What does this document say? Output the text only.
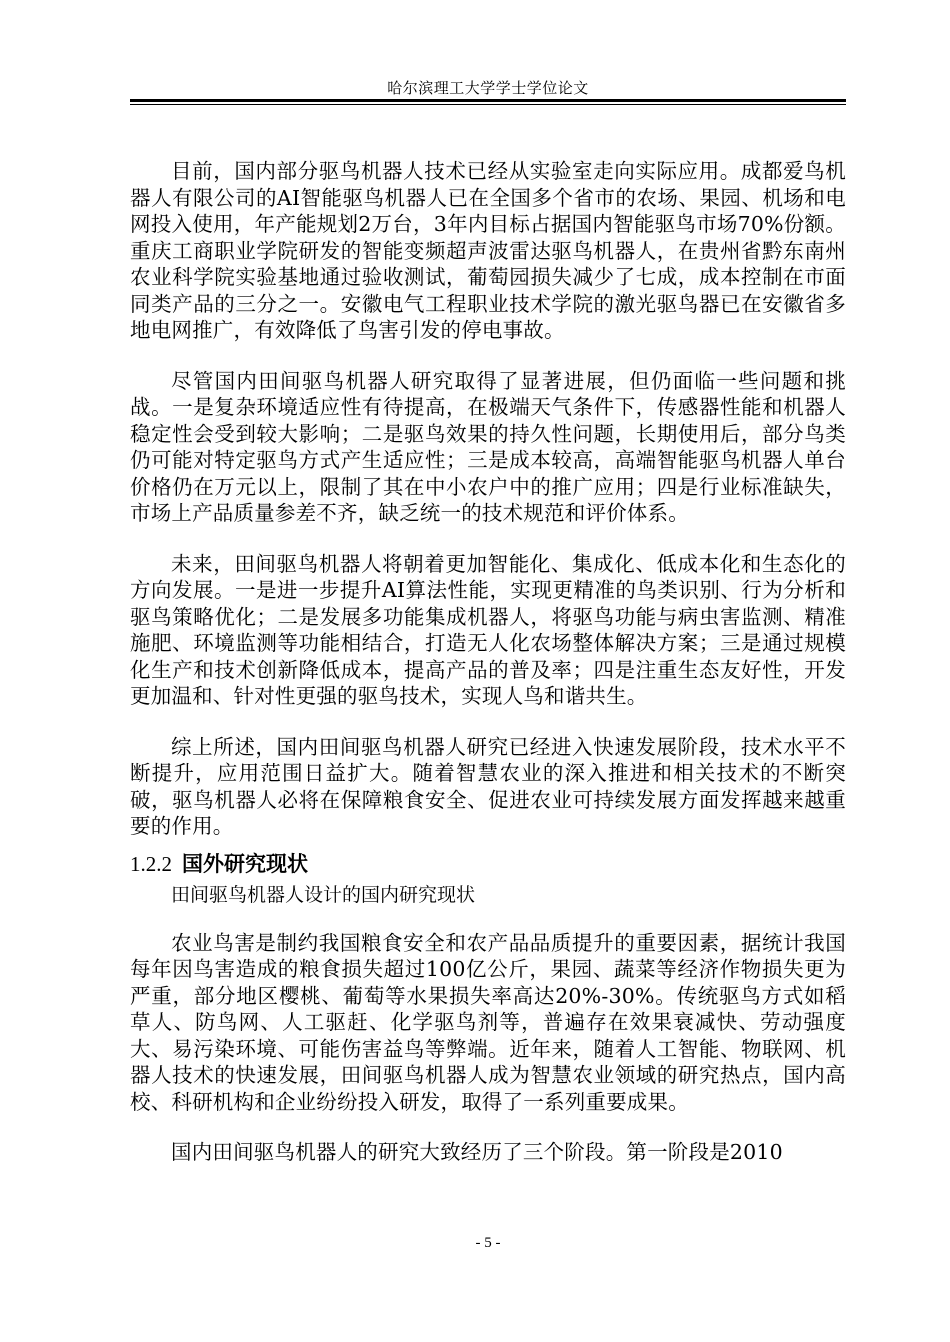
哈尔滨理工大学学士学位论文

目前，国内部分驱鸟机器人技术已经从实验室走向实际应用。成都爱鸟机器人有限公司的AI智能驱鸟机器人已在全国多个省市的农场、果园、机场和电网投入使用，年产能规划2万台，3年内目标占据国内智能驱鸟市场70%份额。重庆工商职业学院研发的智能变频超声波雷达驱鸟机器人，在贵州省黔东南州农业科学院实验基地通过验收测试，葡萄园损失减少了七成，成本控制在市面同类产品的三分之一。安徽电气工程职业技术学院的激光驱鸟器已在安徽省多地电网推广，有效降低了鸟害引发的停电事故。

尽管国内田间驱鸟机器人研究取得了显著进展，但仍面临一些问题和挑战。一是复杂环境适应性有待提高，在极端天气条件下，传感器性能和机器人稳定性会受到较大影响；二是驱鸟效果的持久性问题，长期使用后，部分鸟类仍可能对特定驱鸟方式产生适应性；三是成本较高，高端智能驱鸟机器人单台价格仍在万元以上，限制了其在中小农户中的推广应用；四是行业标准缺失，市场上产品质量参差不齐，缺乏统一的技术规范和评价体系。

未来，田间驱鸟机器人将朝着更加智能化、集成化、低成本化和生态化的方向发展。一是进一步提升AI算法性能，实现更精准的鸟类识别、行为分析和驱鸟策略优化；二是发展多功能集成机器人，将驱鸟功能与病虫害监测、精准施肥、环境监测等功能相结合，打造无人化农场整体解决方案；三是通过规模化生产和技术创新降低成本，提高产品的普及率；四是注重生态友好性，开发更加温和、针对性更强的驱鸟技术，实现人鸟和谐共生。

综上所述，国内田间驱鸟机器人研究已经进入快速发展阶段，技术水平不断提升，应用范围日益扩大。随着智慧农业的深入推进和相关技术的不断突破，驱鸟机器人必将在保障粮食安全、促进农业可持续发展方面发挥越来越重要的作用。

1.2.2 国外研究现状
田间驱鸟机器人设计的国内研究现状

农业鸟害是制约我国粮食安全和农产品品质提升的重要因素，据统计我国每年因鸟害造成的粮食损失超过100亿公斤，果园、蔬菜等经济作物损失更为严重，部分地区樱桃、葡萄等水果损失率高达20%-30%。传统驱鸟方式如稻草人、防鸟网、人工驱赶、化学驱鸟剂等，普遍存在效果衰减快、劳动强度大、易污染环境、可能伤害益鸟等弊端。近年来，随着人工智能、物联网、机器人技术的快速发展，田间驱鸟机器人成为智慧农业领域的研究热点，国内高校、科研机构和企业纷纷投入研发，取得了一系列重要成果。

国内田间驱鸟机器人的研究大致经历了三个阶段。第一阶段是2010

- 5 -
